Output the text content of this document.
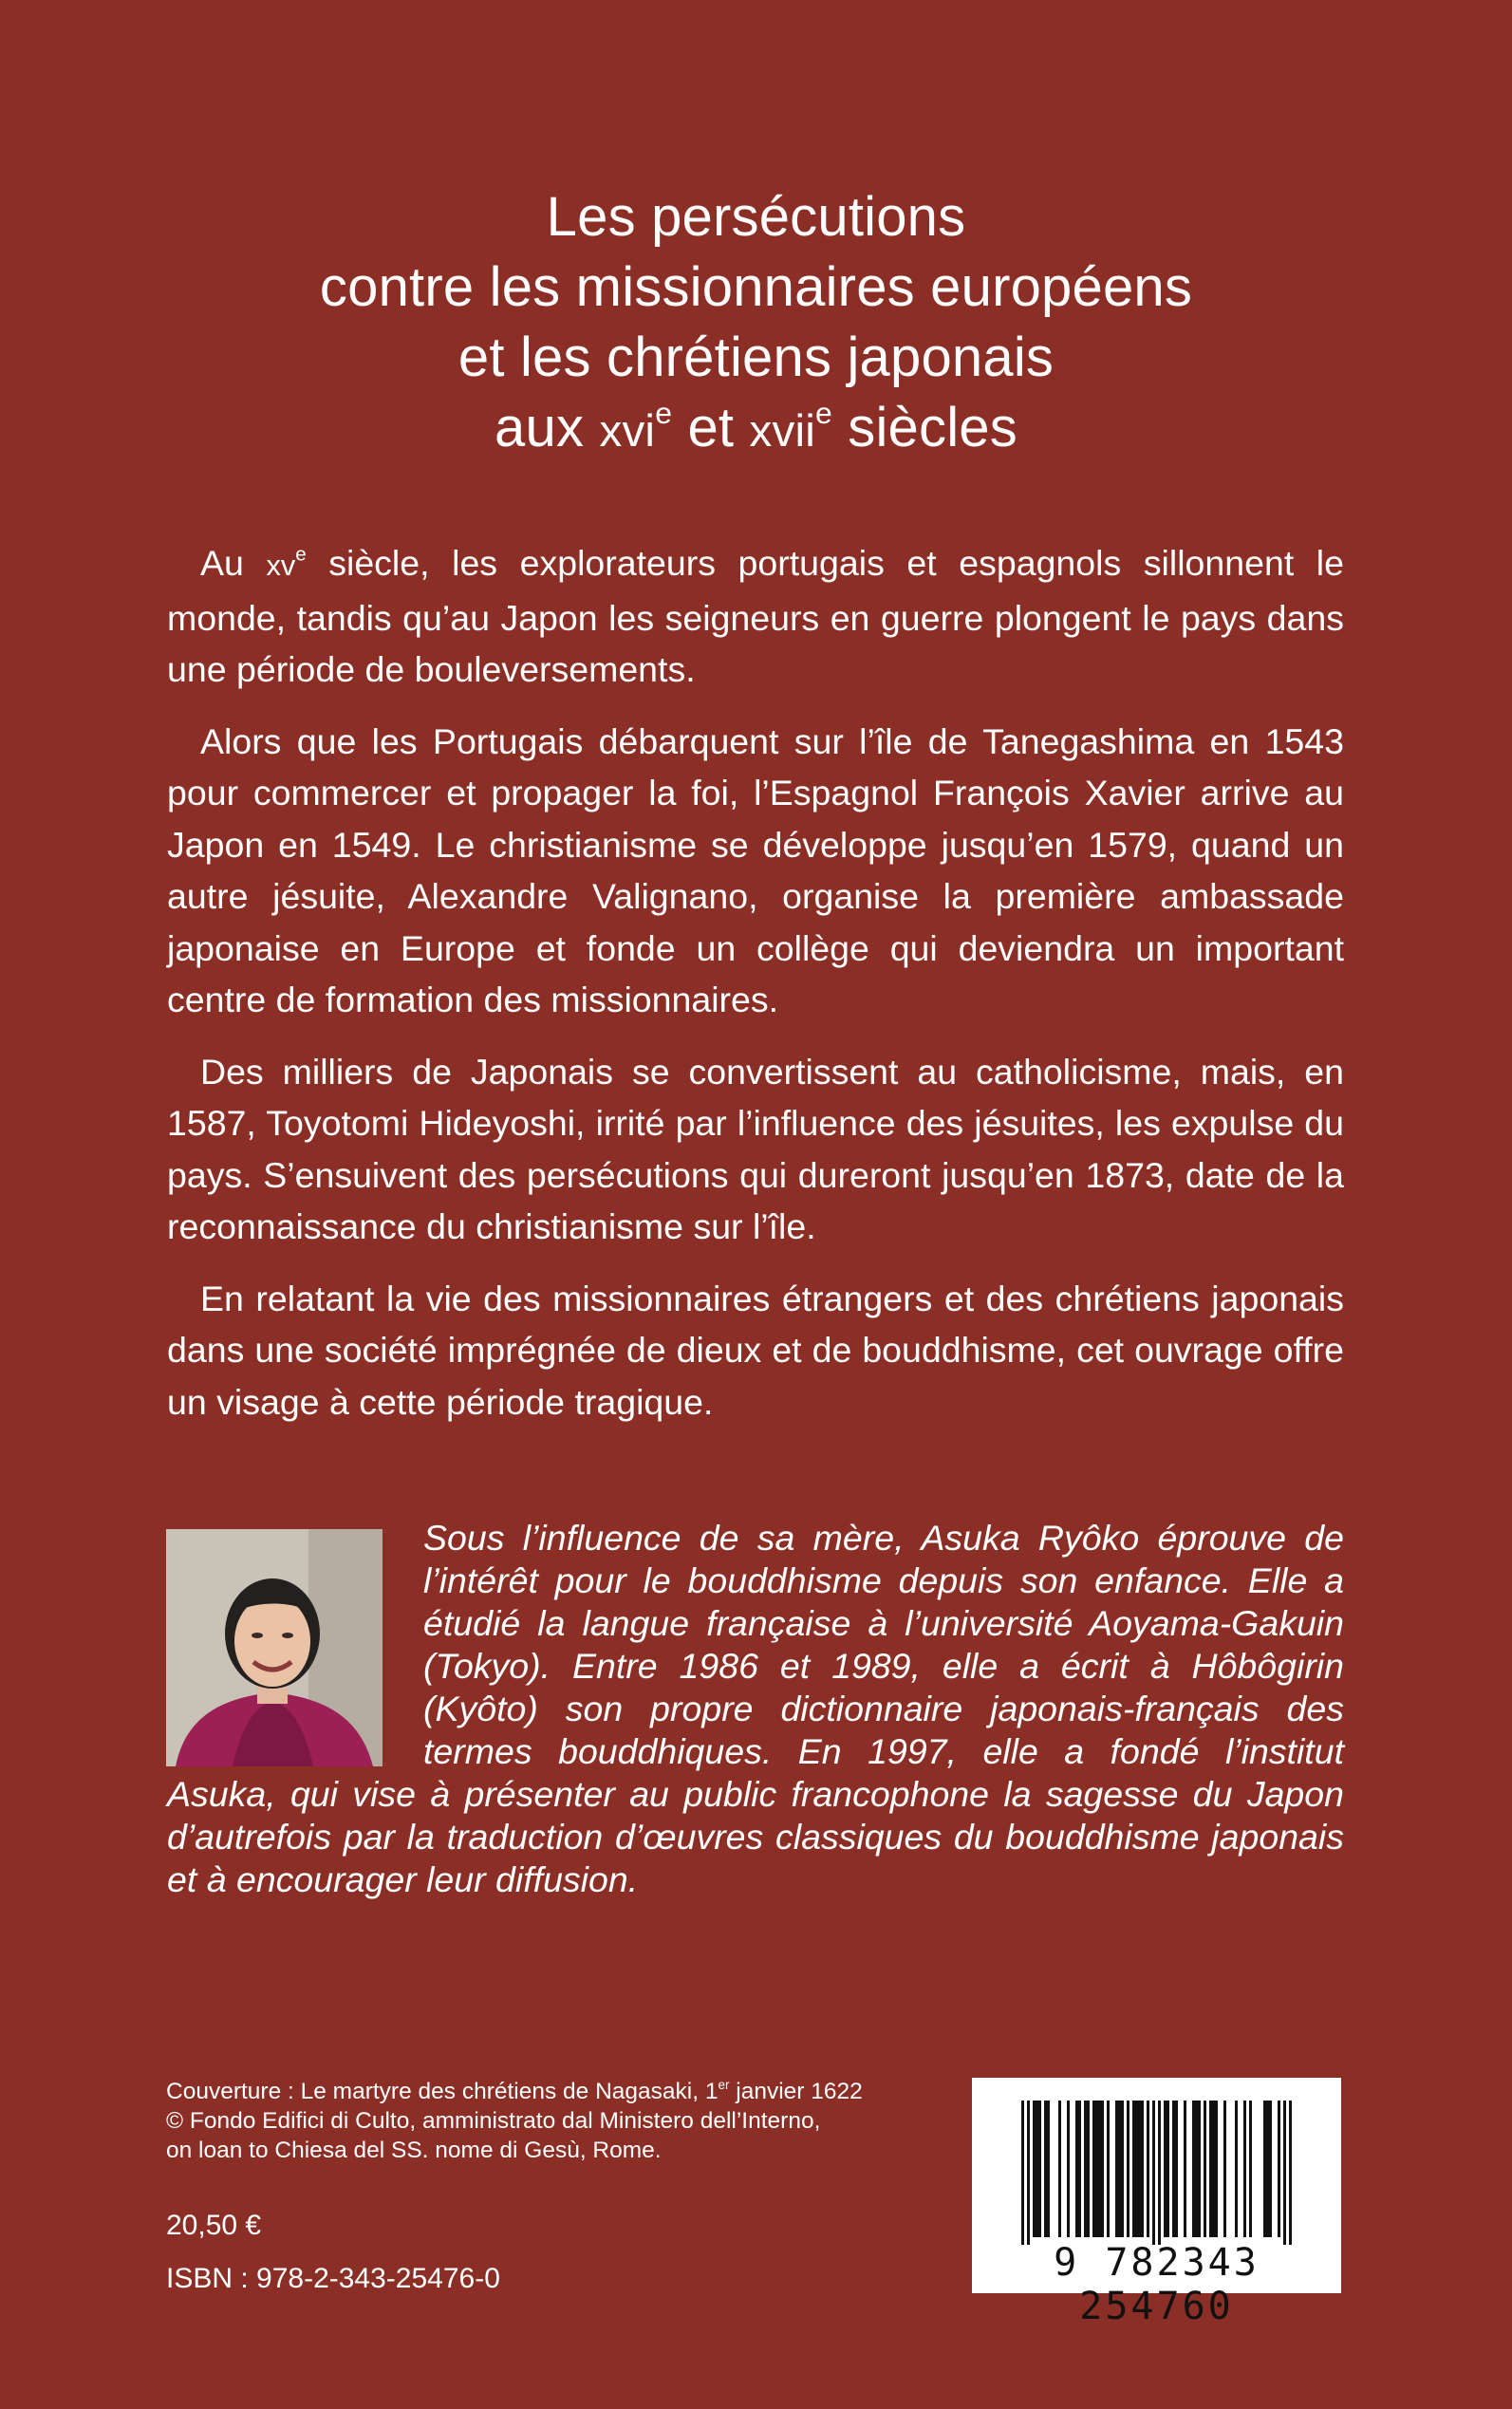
Les persécutions
contre les missionnaires européens
et les chrétiens japonais
aux xvi$^e$ et xvii$^e$ siècles

Au $xv^e$ siècle, les explorateurs portugais et espagnols sillonnent le monde, tandis qu’au Japon les seigneurs en guerre plongent le pays dans une période de bouleversements.

Alors que les Portugais débarquent sur l’île de Tanegashima en 1543 pour commercer et propager la foi, l’Espagnol François Xavier arrive au Japon en 1549. Le christianisme se développe jusqu’en 1579, quand un autre jésuite, Alexandre Valignano, organise la première ambassade japonaise en Europe et fonde un collège qui deviendra un important centre de formation des missionnaires.

Des milliers de Japonais se convertissent au catholicisme, mais, en 1587, Toyotomi Hideyoshi, irrité par l’influence des jésuites, les expulse du pays. S’ensuivent des persécutions qui dureront jusqu’en 1873, date de la reconnaissance du christianisme sur l’île.

En relatant la vie des missionnaires étrangers et des chrétiens japonais dans une société imprégnée de dieux et de bouddhisme, cet ouvrage offre un visage à cette période tragique.

Sous l’influence de sa mère, Asuka Ryôko éprouve de l’intérêt pour le bouddhisme depuis son enfance. Elle a étudié la langue française à l’université Aoyama-Gakuin (Tokyo). Entre 1986 et 1989, elle a écrit à Hôbôgirin (Kyôto) son propre dictionnaire japonais-français des termes bouddhiques. En 1997, elle a fondé l’institut Asuka, qui vise à présenter au public francophone la sagesse du Japon d’autrefois par la traduction d’œuvres classiques du bouddhisme japonais et à encourager leur diffusion.

Couverture : Le martyre des chrétiens de Nagasaki, 1er janvier 1622
© Fondo Edifici di Culto, amministrato dal Ministero dell’Interno,
on loan to Chiesa del SS. nome di Gesù, Rome.
20,50 €
ISBN : 978-2-343-25476-0	9 782343 254760
